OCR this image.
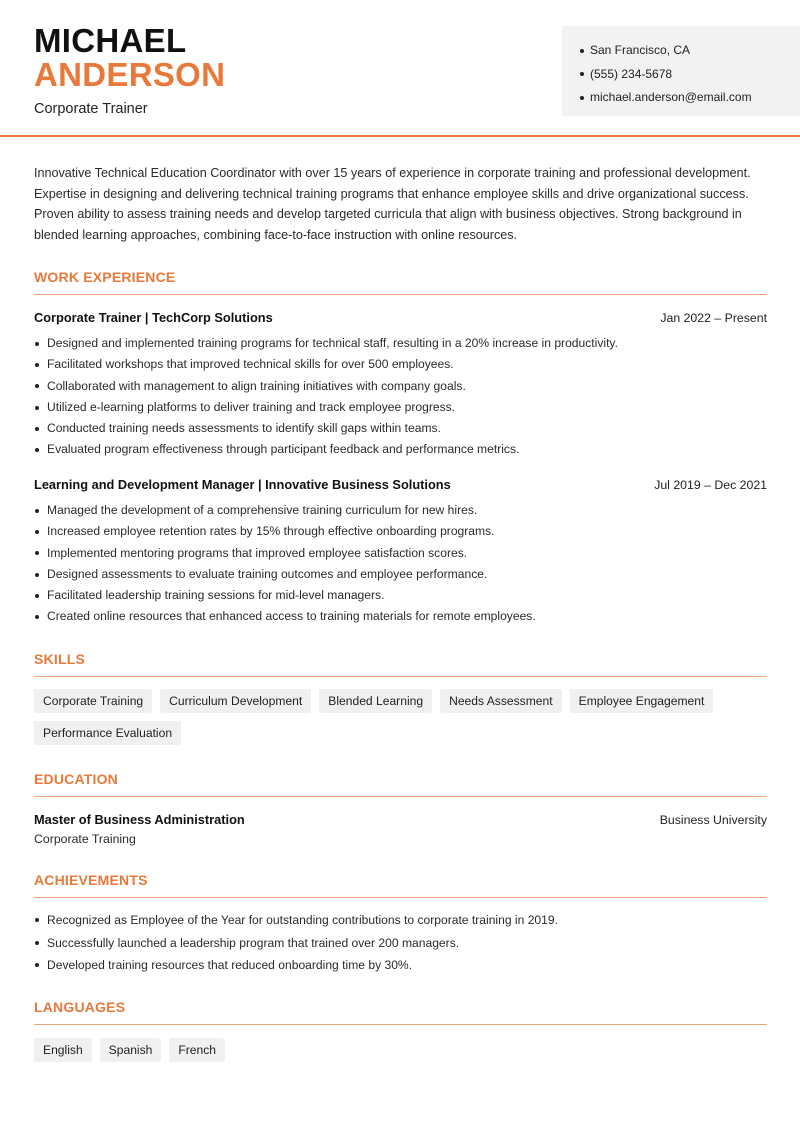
MICHAEL
ANDERSON
Corporate Trainer
San Francisco, CA
(555) 234-5678
michael.anderson@email.com
Innovative Technical Education Coordinator with over 15 years of experience in corporate training and professional development. Expertise in designing and delivering technical training programs that enhance employee skills and drive organizational success. Proven ability to assess training needs and develop targeted curricula that align with business objectives. Strong background in blended learning approaches, combining face-to-face instruction with online resources.
WORK EXPERIENCE
Corporate Trainer | TechCorp Solutions	Jan 2022 – Present
Designed and implemented training programs for technical staff, resulting in a 20% increase in productivity.
Facilitated workshops that improved technical skills for over 500 employees.
Collaborated with management to align training initiatives with company goals.
Utilized e-learning platforms to deliver training and track employee progress.
Conducted training needs assessments to identify skill gaps within teams.
Evaluated program effectiveness through participant feedback and performance metrics.
Learning and Development Manager | Innovative Business Solutions	Jul 2019 – Dec 2021
Managed the development of a comprehensive training curriculum for new hires.
Increased employee retention rates by 15% through effective onboarding programs.
Implemented mentoring programs that improved employee satisfaction scores.
Designed assessments to evaluate training outcomes and employee performance.
Facilitated leadership training sessions for mid-level managers.
Created online resources that enhanced access to training materials for remote employees.
SKILLS
Corporate Training	Curriculum Development	Blended Learning	Needs Assessment	Employee Engagement
Performance Evaluation
EDUCATION
Master of Business Administration	Business University
Corporate Training
ACHIEVEMENTS
Recognized as Employee of the Year for outstanding contributions to corporate training in 2019.
Successfully launched a leadership program that trained over 200 managers.
Developed training resources that reduced onboarding time by 30%.
LANGUAGES
English	Spanish	French
